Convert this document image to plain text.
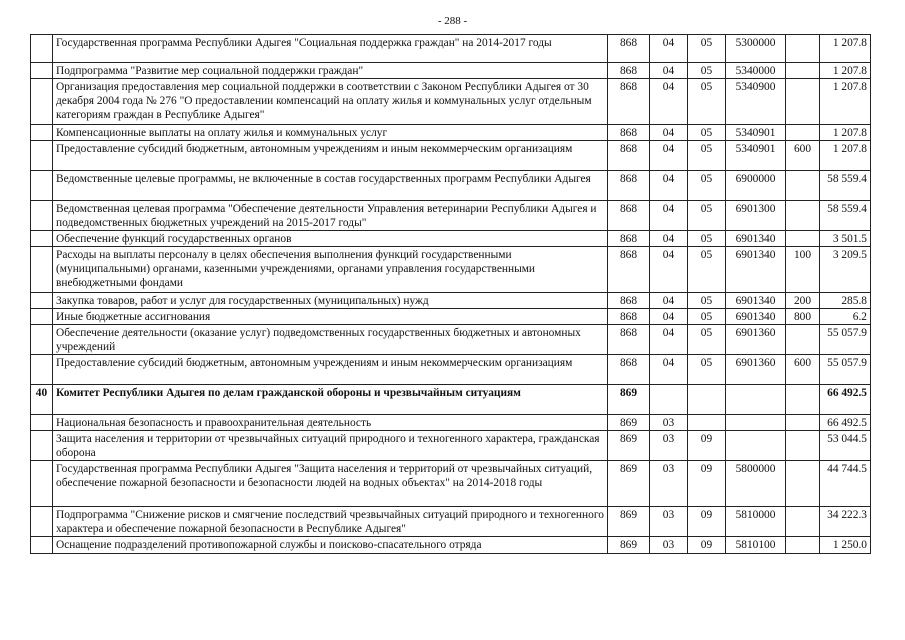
- 288 -
	Государственная программа Республики Адыгея "Социальная поддержка граждан" на 2014-2017 годы	868	04	05	5300000		1 207.8
	Подпрограмма "Развитие мер социальной поддержки граждан"	868	04	05	5340000		1 207.8
	Организация предоставления мер социальной поддержки в соответствии с Законом Республики Адыгея от 30 декабря 2004 года № 276 "О предоставлении компенсаций на оплату жилья и коммунальных услуг отдельным категориям граждан в Республике Адыгея"	868	04	05	5340900		1 207.8
	Компенсационные выплаты на оплату жилья и коммунальных услуг	868	04	05	5340901		1 207.8
	Предоставление субсидий бюджетным, автономным учреждениям и иным некоммерческим организациям	868	04	05	5340901	600	1 207.8
	Ведомственные целевые программы, не включенные в состав государственных программ Республики Адыгея	868	04	05	6900000		58 559.4
	Ведомственная целевая программа "Обеспечение деятельности Управления ветеринарии Республики Адыгея и подведомственных бюджетных учреждений на 2015-2017 годы"	868	04	05	6901300		58 559.4
	Обеспечение функций государственных органов	868	04	05	6901340		3 501.5
	Расходы на выплаты персоналу в целях обеспечения выполнения функций государственными (муниципальными) органами, казенными учреждениями, органами управления государственными внебюджетными фондами	868	04	05	6901340	100	3 209.5
	Закупка товаров, работ и услуг для государственных (муниципальных) нужд	868	04	05	6901340	200	285.8
	Иные бюджетные ассигнования	868	04	05	6901340	800	6.2
	Обеспечение деятельности (оказание услуг) подведомственных государственных бюджетных и автономных учреждений	868	04	05	6901360		55 057.9
	Предоставление субсидий бюджетным, автономным учреждениям и иным некоммерческим организациям	868	04	05	6901360	600	55 057.9
40	Комитет Республики Адыгея по делам гражданской обороны и чрезвычайным ситуациям	869					66 492.5
	Национальная безопасность и правоохранительная деятельность	869	03				66 492.5
	Защита населения и территории от чрезвычайных ситуаций природного и техногенного характера, гражданская оборона	869	03	09			53 044.5
	Государственная программа Республики Адыгея "Защита населения и территорий от чрезвычайных ситуаций, обеспечение пожарной безопасности и безопасности людей на водных объектах" на 2014-2018 годы	869	03	09	5800000		44 744.5
	Подпрограмма "Снижение рисков и смягчение последствий чрезвычайных ситуаций природного и техногенного характера и обеспечение пожарной безопасности в Республике Адыгея"	869	03	09	5810000		34 222.3
	Оснащение подразделений противопожарной службы и поисково-спасательного отряда	869	03	09	5810100		1 250.0
